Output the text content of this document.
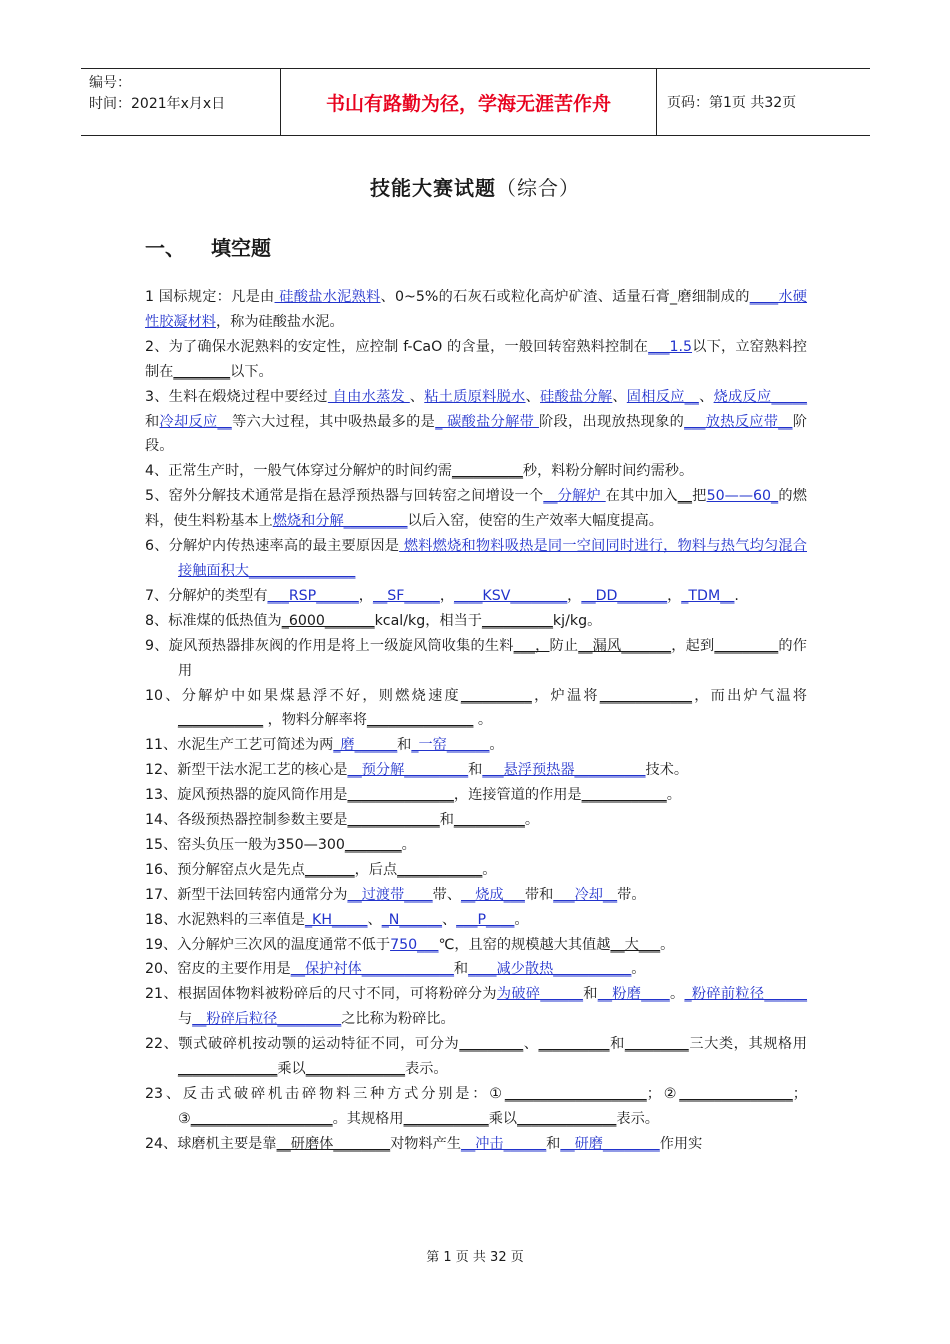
编号：
时间：2021年x月x日	书山有路勤为径，学海无涯苦作舟	页码：第1页 共32页
技能大赛试题（综合）
一、 填空题

1 国标规定：凡是由 硅酸盐水泥熟料、0~5%的石灰石或粒化高炉矿渣、适量石膏_磨细制成的____水硬性胶凝材料，称为硅酸盐水泥。

2、为了确保水泥熟料的安定性，应控制 f-CaO 的含量，一般回转窑熟料控制在___1.5以下，立窑熟料控制在________以下。

3、生料在煅烧过程中要经过 自由水蒸发 、粘土质原料脱水、硅酸盐分解、固相反应__、烧成反应_____和冷却反应__等六大过程，其中吸热最多的是_ 碳酸盐分解带 阶段，出现放热现象的___放热反应带__阶段。

4、正常生产时，一般气体穿过分解炉的时间约需__________秒，料粉分解时间约需秒。

5、窑外分解技术通常是指在悬浮预热器与回转窑之间增设一个__分解炉 在其中加入__把50——60_的燃料，使生料粉基本上燃烧和分解_________以后入窑，使窑的生产效率大幅度提高。

6、分解炉内传热速率高的最主要原因是 燃料燃烧和物料吸热是同一空间同时进行，物料与热气均匀混合接触面积大_______________

7、分解炉的类型有___RSP______，__SF_____，____KSV________，__DD_______，_TDM__.

8、标准煤的低热值为_6000_______kcal/kg，相当于__________kj/kg。

9、旋风预热器排灰阀的作用是将上一级旋风筒收集的生料___，防止__漏风_______，起到_________的作用

10、分解炉中如果煤悬浮不好，则燃烧速度__________，炉温将_____________，而出炉气温将____________ ，物料分解率将_______________ 。

11、水泥生产工艺可简述为两_磨______和_一窑______。

12、新型干法水泥工艺的核心是__预分解_________和___悬浮预热器__________技术。

13、旋风预热器的旋风筒作用是_______________，连接管道的作用是____________。

14、各级预热器控制参数主要是_____________和__________。

15、窑头负压一般为350—300________。

16、预分解窑点火是先点_______，后点____________。

17、新型干法回转窑内通常分为__过渡带____带、__烧成___带和___冷却__带。

18、水泥熟料的三率值是_KH_____、_N______、___P____。

19、入分解炉三次风的温度通常不低于750___℃，且窑的规模越大其值越__大___。

20、窑皮的主要作用是__保护衬体_____________和____减少散热___________。

21、根据固体物料被粉碎后的尺寸不同，可将粉碎分为为破碎______和__粉磨____。_粉碎前粒径______与__粉碎后粒径_________之比称为粉碎比。

22、颚式破碎机按动颚的运动特征不同，可分为_________、__________和_________三大类，其规格用______________乘以______________表示。

23、反击式破碎机击碎物料三种方式分别是：①____________________；②________________；③____________________。其规格用____________乘以______________表示。

24、球磨机主要是靠__研磨体________对物料产生__冲击______和__研磨________作用实

第 1 页 共 32 页
